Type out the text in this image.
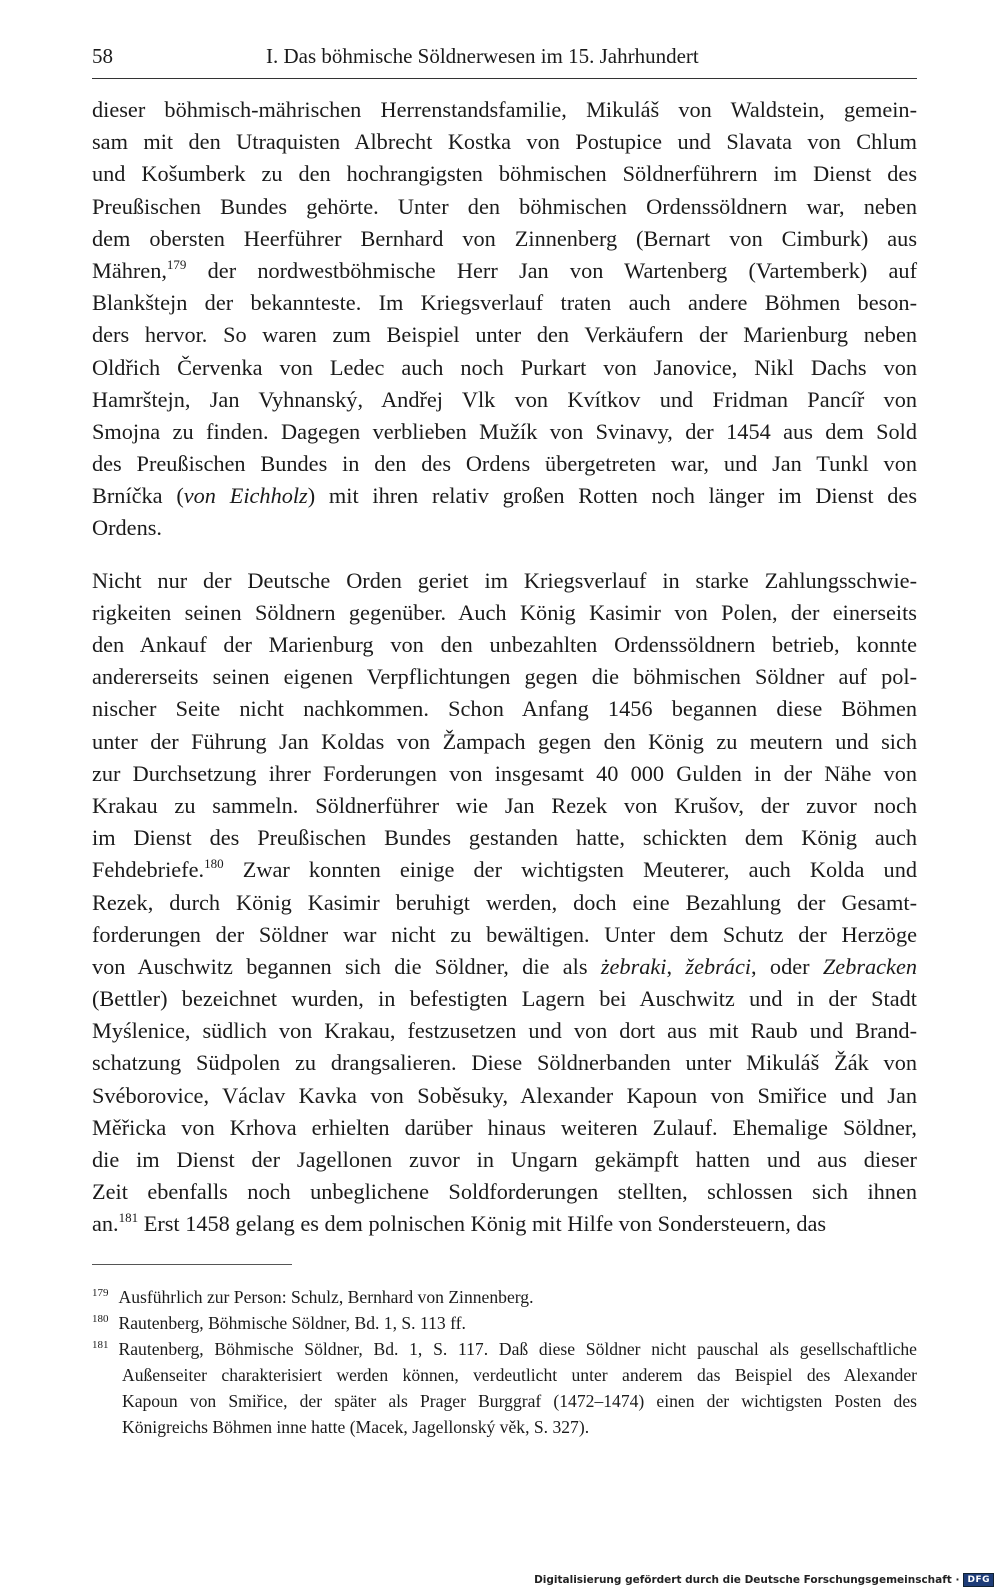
58	I. Das böhmische Söldnerwesen im 15. Jahrhundert
dieser böhmisch-mährischen Herrenstandsfamilie, Mikuláš von Waldstein, gemein-
sam mit den Utraquisten Albrecht Kostka von Postupice und Slavata von Chlum
und Košumberk zu den hochrangigsten böhmischen Söldnerführern im Dienst des
Preußischen Bundes gehörte. Unter den böhmischen Ordenssöldnern war, neben
dem obersten Heerführer Bernhard von Zinnenberg (Bernart von Cimburk) aus
Mähren,$^{179}$ der nordwestböhmische Herr Jan von Wartenberg (Vartemberk) auf
Blankštejn der bekannteste. Im Kriegsverlauf traten auch andere Böhmen beson-
ders hervor. So waren zum Beispiel unter den Verkäufern der Marienburg neben
Oldřich Červenka von Ledec auch noch Purkart von Janovice, Nikl Dachs von
Hamrštejn, Jan Vyhnanský, Andřej Vlk von Kvítkov und Fridman Pancíř von
Smojna zu finden. Dagegen verblieben Mužík von Svinavy, der 1454 aus dem Sold
des Preußischen Bundes in den des Ordens übergetreten war, und Jan Tunkl von
Brníčka (von Eichholz) mit ihren relativ großen Rotten noch länger im Dienst des
Ordens.
Nicht nur der Deutsche Orden geriet im Kriegsverlauf in starke Zahlungsschwie-
rigkeiten seinen Söldnern gegenüber. Auch König Kasimir von Polen, der einerseits
den Ankauf der Marienburg von den unbezahlten Ordenssöldnern betrieb, konnte
andererseits seinen eigenen Verpflichtungen gegen die böhmischen Söldner auf pol-
nischer Seite nicht nachkommen. Schon Anfang 1456 begannen diese Böhmen
unter der Führung Jan Koldas von Žampach gegen den König zu meutern und sich
zur Durchsetzung ihrer Forderungen von insgesamt 40 000 Gulden in der Nähe von
Krakau zu sammeln. Söldnerführer wie Jan Rezek von Krušov, der zuvor noch
im Dienst des Preußischen Bundes gestanden hatte, schickten dem König auch
Fehdebriefe.$^{180}$ Zwar konnten einige der wichtigsten Meuterer, auch Kolda und
Rezek, durch König Kasimir beruhigt werden, doch eine Bezahlung der Gesamt-
forderungen der Söldner war nicht zu bewältigen. Unter dem Schutz der Herzöge
von Auschwitz begannen sich die Söldner, die als żebraki, žebráci, oder Zebracken
(Bettler) bezeichnet wurden, in befestigten Lagern bei Auschwitz und in der Stadt
Myślenice, südlich von Krakau, festzusetzen und von dort aus mit Raub und Brand-
schatzung Südpolen zu drangsalieren. Diese Söldnerbanden unter Mikuláš Žák von
Svéborovice, Václav Kavka von Soběsuky, Alexander Kapoun von Smiřice und Jan
Měřicka von Krhova erhielten darüber hinaus weiteren Zulauf. Ehemalige Söldner,
die im Dienst der Jagellonen zuvor in Ungarn gekämpft hatten und aus dieser
Zeit ebenfalls noch unbeglichene Soldforderungen stellten, schlossen sich ihnen
an.$^{181}$ Erst 1458 gelang es dem polnischen König mit Hilfe von Sondersteuern, das
$^{179}$ Ausführlich zur Person: Schulz, Bernhard von Zinnenberg.
$^{180}$ Rautenberg, Böhmische Söldner, Bd. 1, S. 113 ff.
$^{181}$ Rautenberg, Böhmische Söldner, Bd. 1, S. 117. Daß diese Söldner nicht pauschal als gesellschaftliche
Außenseiter charakterisiert werden können, verdeutlicht unter anderem das Beispiel des Alexander
Kapoun von Smiřice, der später als Prager Burggraf (1472–1474) einen der wichtigsten Posten des
Königreichs Böhmen inne hatte (Macek, Jagellonský věk, S. 327).
Digitalisierung gefördert durch die Deutsche Forschungsgemeinschaft · DFG
